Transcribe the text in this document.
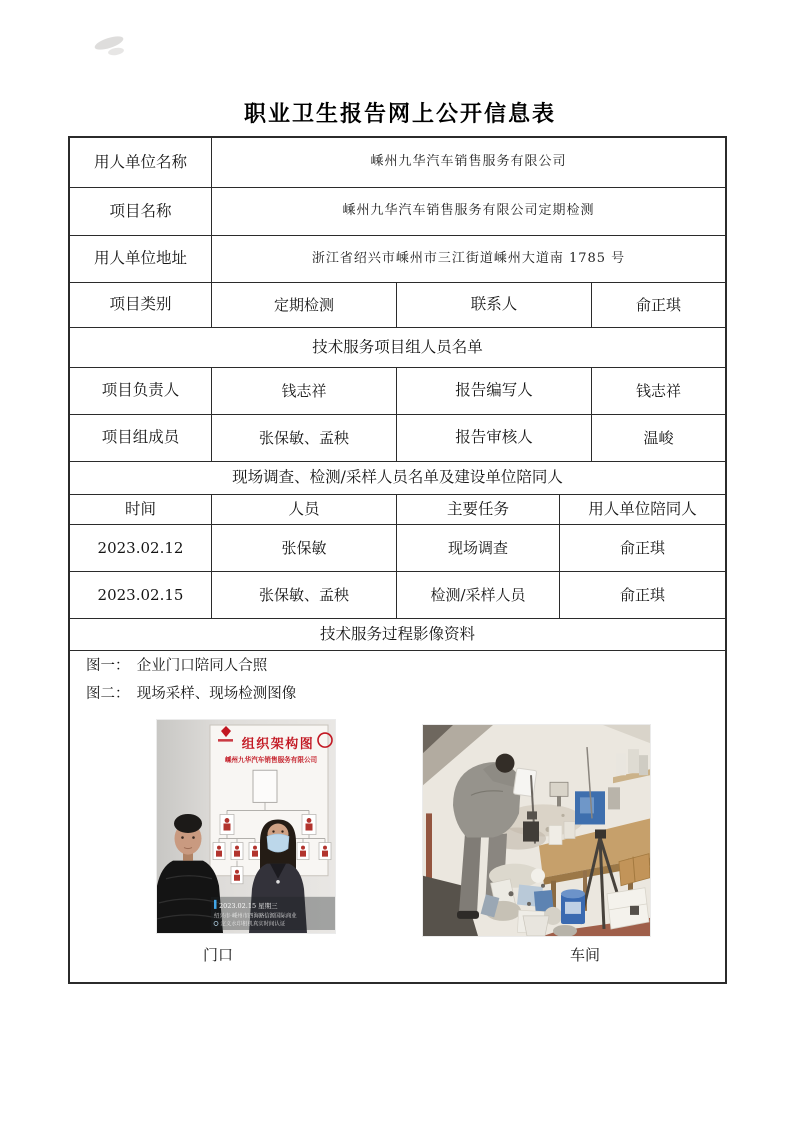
职业卫生报告网上公开信息表
用人单位名称	嵊州九华汽车销售服务有限公司
项目名称	嵊州九华汽车销售服务有限公司定期检测
用人单位地址	浙江省绍兴市嵊州市三江街道嵊州大道南 1785 号
项目类别	定期检测	联系人	俞正琪
技术服务项目组人员名单
项目负责人	钱志祥	报告编写人	钱志祥
项目组成员	张保敏、孟秧	报告审核人	温峻
现场调查、检测/采样人员名单及建设单位陪同人
时间	人员	主要任务	用人单位陪同人
2023.02.12	张保敏	现场调查	俞正琪
2023.02.15	张保敏、孟秧	检测/采样人员	俞正琪
技术服务过程影像资料
图一：　企业门口陪同人合照
图二：　现场采样、现场检测图像
组织架构图
嵊州九华汽车销售服务有限公司
2023.02.15 星期三
绍兴市·嵊州市四海路信源国际商业
定义水印相机真实时间认证
门口	车间
